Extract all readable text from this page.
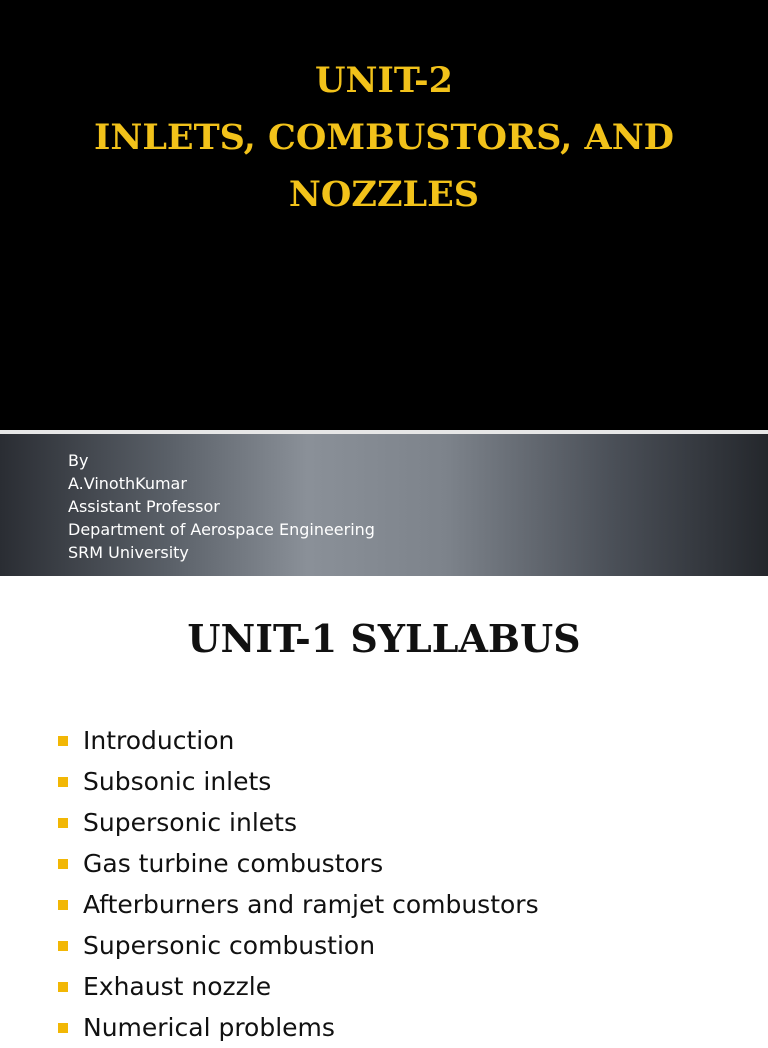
UNIT-2
INLETS, COMBUSTORS, AND
NOZZLES
By
A.VinothKumar
Assistant Professor
Department of Aerospace Engineering
SRM University
UNIT-1 SYLLABUS
Introduction
Subsonic inlets
Supersonic inlets
Gas turbine combustors
Afterburners and ramjet combustors
Supersonic combustion
Exhaust nozzle
Numerical problems
